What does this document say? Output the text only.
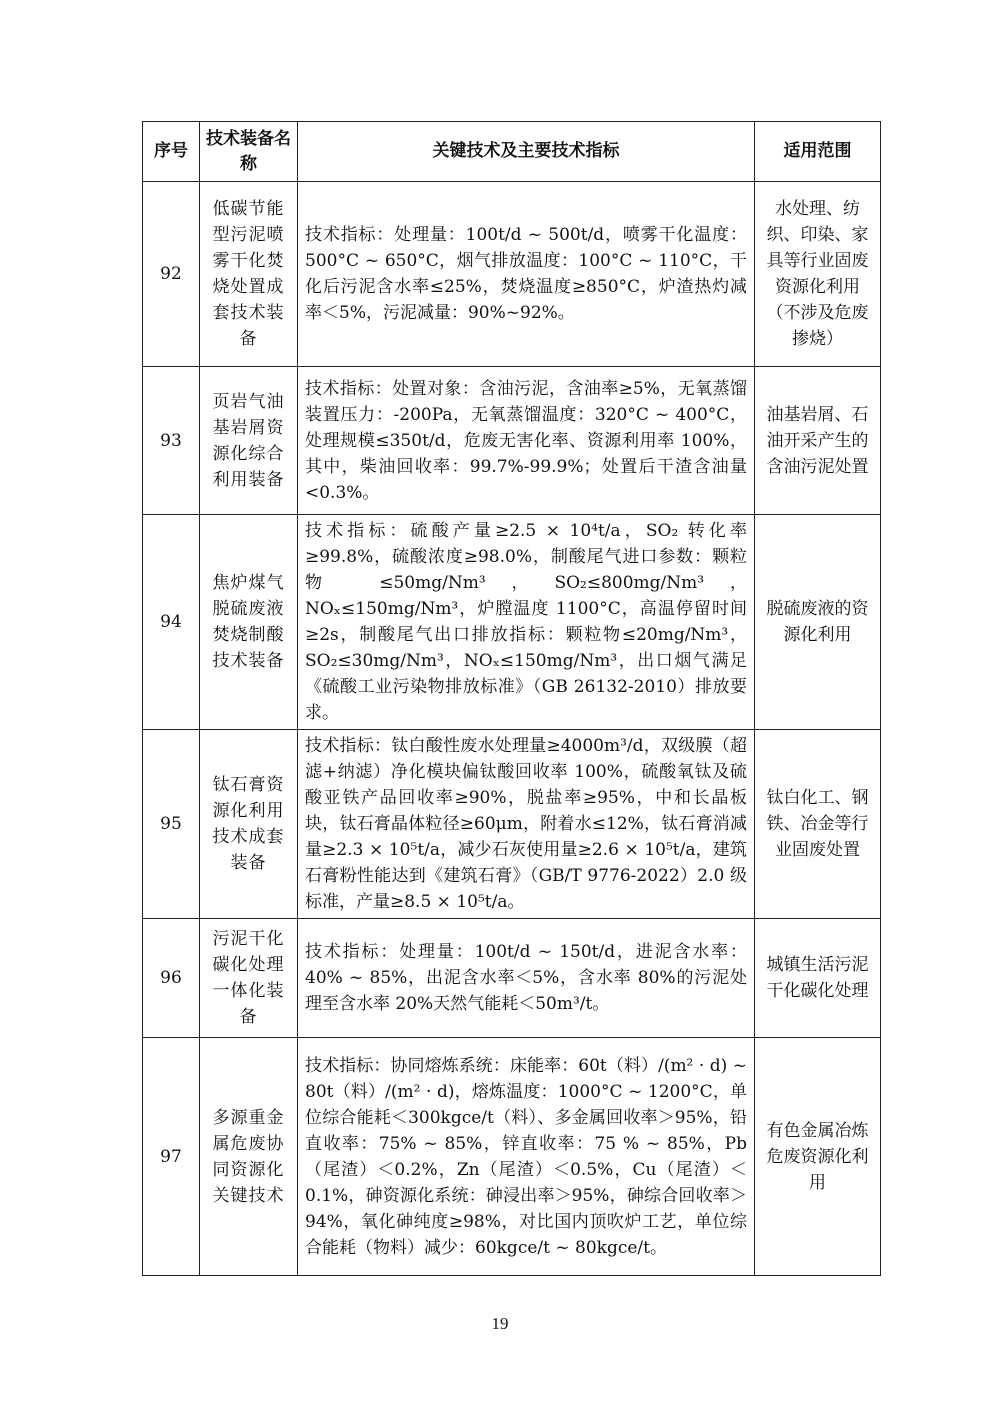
序号	技术装备名称	关键技术及主要技术指标	适用范围
92	低碳节能型污泥喷雾干化焚烧处置成套技术装备	技术指标：处理量：100t/d ~ 500t/d，喷雾干化温度：500°C ~ 650°C，烟气排放温度：100°C ~ 110°C，干化后污泥含水率≤25%，焚烧温度≥850°C，炉渣热灼减率＜5%，污泥减量：90%~92%。	水处理、纺织、印染、家具等行业固废资源化利用（不涉及危废掺烧）
93	页岩气油基岩屑资源化综合利用装备	技术指标：处置对象：含油污泥，含油率≥5%，无氧蒸馏装置压力：-200Pa，无氧蒸馏温度：320°C ~ 400°C，处理规模≤350t/d，危废无害化率、资源利用率 100%，其中，柴油回收率：99.7%-99.9%；处置后干渣含油量<0.3%。	油基岩屑、石油开采产生的含油污泥处置
94	焦炉煤气脱硫废液焚烧制酸技术装备	技术指标：硫酸产量≥2.5 × 10⁴t/a，SO₂ 转化率≥99.8%，硫酸浓度≥98.0%，制酸尾气进口参数：颗粒物 ≤50mg/Nm³，SO₂≤800mg/Nm³，NOₓ≤150mg/Nm³，炉膛温度 1100°C，高温停留时间≥2s，制酸尾气出口排放指标：颗粒物≤20mg/Nm³，SO₂≤30mg/Nm³，NOₓ≤150mg/Nm³，出口烟气满足《硫酸工业污染物排放标准》（GB 26132-2010）排放要求。	脱硫废液的资源化利用
95	钛石膏资源化利用技术成套装备	技术指标：钛白酸性废水处理量≥4000m³/d，双级膜（超滤+纳滤）净化模块偏钛酸回收率 100%，硫酸氧钛及硫酸亚铁产品回收率≥90%，脱盐率≥95%，中和长晶板块，钛石膏晶体粒径≥60μm，附着水≤12%，钛石膏消减量≥2.3 × 10⁵t/a，减少石灰使用量≥2.6 × 10⁵t/a，建筑石膏粉性能达到《建筑石膏》（GB/T 9776-2022）2.0 级标准，产量≥8.5 × 10⁵t/a。	钛白化工、钢铁、冶金等行业固废处置
96	污泥干化碳化处理一体化装备	技术指标：处理量：100t/d ~ 150t/d，进泥含水率：40% ~ 85%，出泥含水率＜5%，含水率 80%的污泥处理至含水率 20%天然气能耗＜50m³/t。	城镇生活污泥干化碳化处理
97	多源重金属危废协同资源化关键技术	技术指标：协同熔炼系统：床能率：60t（料）/(m² · d) ~ 80t（料）/(m² · d)，熔炼温度：1000°C ~ 1200°C，单位综合能耗＜300kgce/t（料）、多金属回收率＞95%，铅直收率：75% ~ 85%，锌直收率：75 % ~ 85%，Pb（尾渣）＜0.2%，Zn（尾渣）＜0.5%，Cu（尾渣）＜0.1%，砷资源化系统：砷浸出率＞95%，砷综合回收率＞94%，氧化砷纯度≥98%，对比国内顶吹炉工艺，单位综合能耗（物料）减少：60kgce/t ~ 80kgce/t。	有色金属冶炼危废资源化利用
19
